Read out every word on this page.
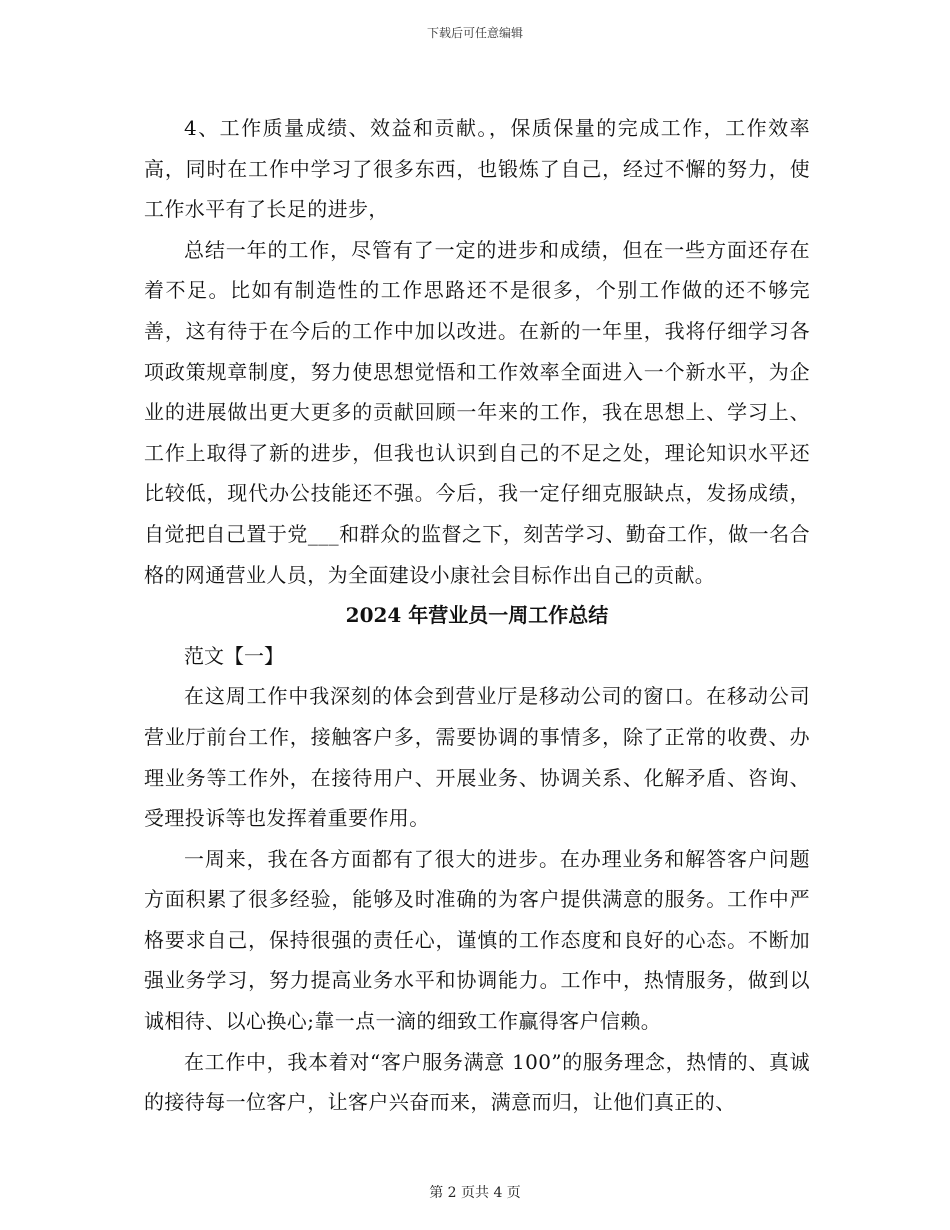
下载后可任意编辑

4、工作质量成绩、效益和贡献。，保质保量的完成工作，工作效率高，同时在工作中学习了很多东西，也锻炼了自己，经过不懈的努力，使工作水平有了长足的进步，

总结一年的工作，尽管有了一定的进步和成绩，但在一些方面还存在着不足。比如有制造性的工作思路还不是很多，个别工作做的还不够完善，这有待于在今后的工作中加以改进。在新的一年里，我将仔细学习各项政策规章制度，努力使思想觉悟和工作效率全面进入一个新水平，为企业的进展做出更大更多的贡献回顾一年来的工作，我在思想上、学习上、工作上取得了新的进步，但我也认识到自己的不足之处，理论知识水平还比较低，现代办公技能还不强。今后，我一定仔细克服缺点，发扬成绩，自觉把自己置于党___和群众的监督之下，刻苦学习、勤奋工作，做一名合格的网通营业人员，为全面建设小康社会目标作出自己的贡献。

2024 年营业员一周工作总结

范文【一】

在这周工作中我深刻的体会到营业厅是移动公司的窗口。在移动公司营业厅前台工作，接触客户多，需要协调的事情多，除了正常的收费、办理业务等工作外，在接待用户、开展业务、协调关系、化解矛盾、咨询、受理投诉等也发挥着重要作用。

一周来，我在各方面都有了很大的进步。在办理业务和解答客户问题方面积累了很多经验，能够及时准确的为客户提供满意的服务。工作中严格要求自己，保持很强的责任心，谨慎的工作态度和良好的心态。不断加强业务学习，努力提高业务水平和协调能力。工作中，热情服务，做到以诚相待、以心换心;靠一点一滴的细致工作赢得客户信赖。

在工作中，我本着对“客户服务满意 100”的服务理念，热情的、真诚的接待每一位客户，让客户兴奋而来，满意而归，让他们真正的、

第 2 页共 4 页
